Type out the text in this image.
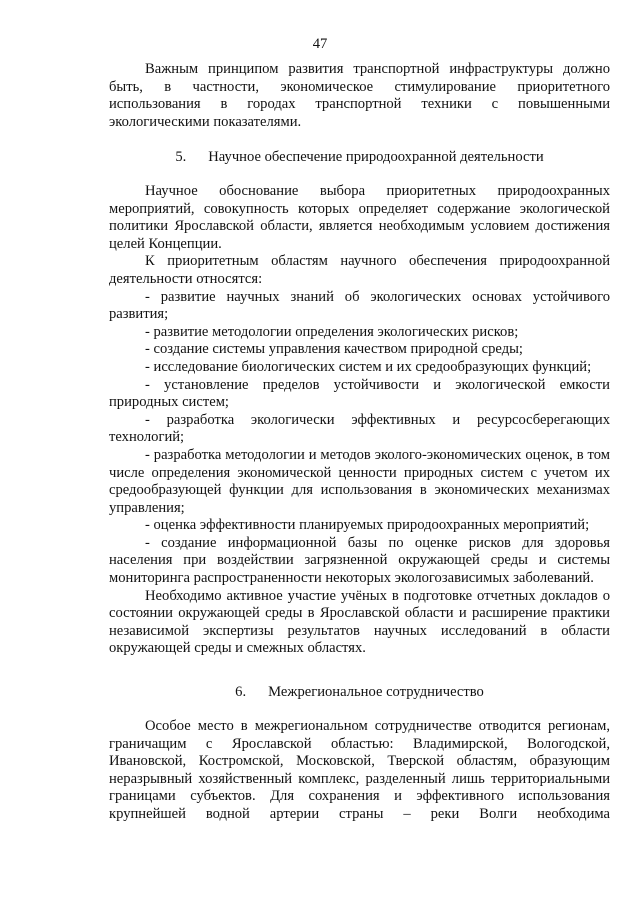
47

Важным принципом развития транспортной инфраструктуры должно быть, в частности, экономическое стимулирование приоритетного использования в городах транспортной техники с повышенными экологическими показателями.

5. Научное обеспечение природоохранной деятельности

Научное обоснование выбора приоритетных природоохранных мероприятий, совокупность которых определяет содержание экологической политики Ярославской области, является необходимым условием достижения целей Концепции.

К приоритетным областям научного обеспечения природоохранной деятельности относятся:

- развитие научных знаний об экологических основах устойчивого развития;

- развитие методологии определения экологических рисков;

- создание системы управления качеством природной среды;

- исследование биологических систем и их средообразующих функций;

- установление пределов устойчивости и экологической емкости природных систем;

- разработка экологически эффективных и ресурсосберегающих технологий;

- разработка методологии и методов эколого-экономических оценок, в том числе определения экономической ценности природных систем с учетом их средообразующей функции для использования в экономических механизмах управления;

- оценка эффективности планируемых природоохранных мероприятий;

- создание информационной базы по оценке рисков для здоровья населения при воздействии загрязненной окружающей среды и системы мониторинга распространенности некоторых экологозависимых заболеваний.

Необходимо активное участие учёных в подготовке отчетных докладов о состоянии окружающей среды в Ярославской области и расширение практики независимой экспертизы результатов научных исследований в области окружающей среды и смежных областях.

6. Межрегиональное сотрудничество

Особое место в межрегиональном сотрудничестве отводится регионам, граничащим с Ярославской областью: Владимирской, Вологодской, Ивановской, Костромской, Московской, Тверской областям, образующим неразрывный хозяйственный комплекс, разделенный лишь территориальными границами субъектов. Для сохранения и эффективного использования крупнейшей водной артерии страны – реки Волги необходима
